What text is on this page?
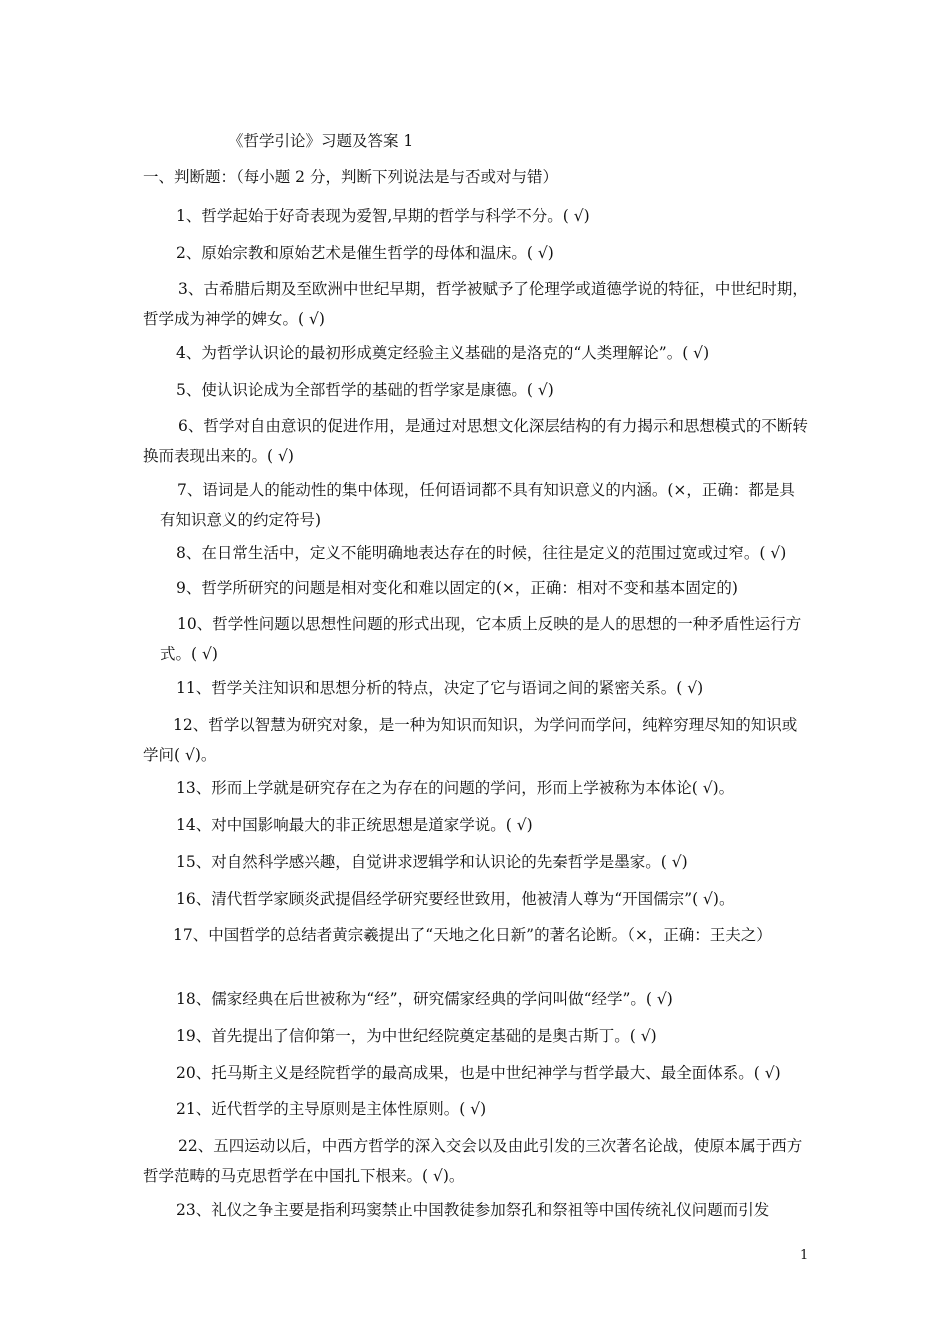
《哲学引论》习题及答案 1
一、判断题：（每小题 2 分，判断下列说法是与否或对与错）
1、哲学起始于好奇表现为爱智,早期的哲学与科学不分。( √)
2、原始宗教和原始艺术是催生哲学的母体和温床。( √)
3、古希腊后期及至欧洲中世纪早期，哲学被赋予了伦理学或道德学说的特征，中世纪时期，哲学成为神学的婢女。( √)
4、为哲学认识论的最初形成奠定经验主义基础的是洛克的“人类理解论”。( √)
5、使认识论成为全部哲学的基础的哲学家是康德。( √)
6、哲学对自由意识的促进作用，是通过对思想文化深层结构的有力揭示和思想模式的不断转换而表现出来的。( √)
7、语词是人的能动性的集中体现，任何语词都不具有知识意义的内涵。(×，正确：都是具有知识意义的约定符号)
8、在日常生活中，定义不能明确地表达存在的时候，往往是定义的范围过宽或过窄。( √)
9、哲学所研究的问题是相对变化和难以固定的(×，正确：相对不变和基本固定的)
10、哲学性问题以思想性问题的形式出现，它本质上反映的是人的思想的一种矛盾性运行方式。( √)
11、哲学关注知识和思想分析的特点，决定了它与语词之间的紧密关系。( √)
12、哲学以智慧为研究对象，是一种为知识而知识，为学问而学问，纯粹穷理尽知的知识或学问( √)。
13、形而上学就是研究存在之为存在的问题的学问，形而上学被称为本体论( √)。
14、对中国影响最大的非正统思想是道家学说。( √)
15、对自然科学感兴趣，自觉讲求逻辑学和认识论的先秦哲学是墨家。( √)
16、清代哲学家顾炎武提倡经学研究要经世致用，他被清人尊为“开国儒宗”( √)。
17、中国哲学的总结者黄宗羲提出了“天地之化日新”的著名论断。（×，正确：王夫之）
18、儒家经典在后世被称为“经”，研究儒家经典的学问叫做“经学”。( √)
19、首先提出了信仰第一，为中世纪经院奠定基础的是奥古斯丁。( √)
20、托马斯主义是经院哲学的最高成果，也是中世纪神学与哲学最大、最全面体系。( √)
21、近代哲学的主导原则是主体性原则。( √)
22、五四运动以后，中西方哲学的深入交会以及由此引发的三次著名论战，使原本属于西方哲学范畴的马克思哲学在中国扎下根来。( √)。
23、礼仪之争主要是指利玛窦禁止中国教徒参加祭孔和祭祖等中国传统礼仪问题而引发
1
